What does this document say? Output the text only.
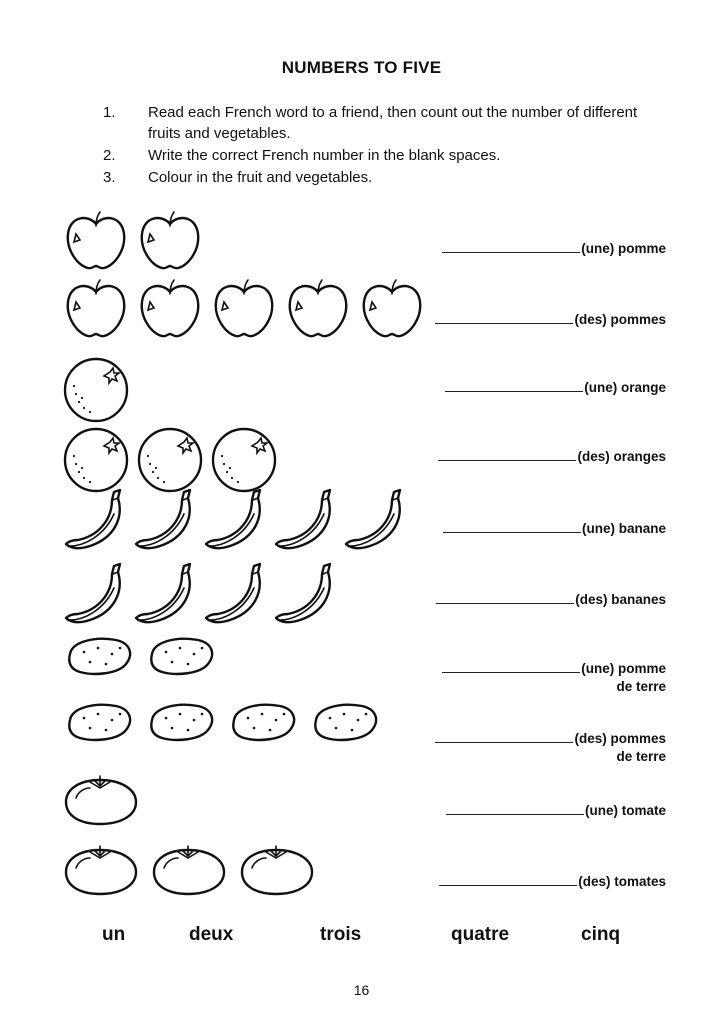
NUMBERS TO FIVE
1. Read each French word to a friend, then count out the number of different fruits and vegetables.
2. Write the correct French number in the blank spaces.
3. Colour in the fruit and vegetables.
(une) pomme
(des) pommes
(une) orange
(des) oranges
(une) banane
(des) bananes
(une) pomme
de terre
(des) pommes
de terre
(une) tomate
(des) tomates
un	deux	trois	quatre	cinq
16
